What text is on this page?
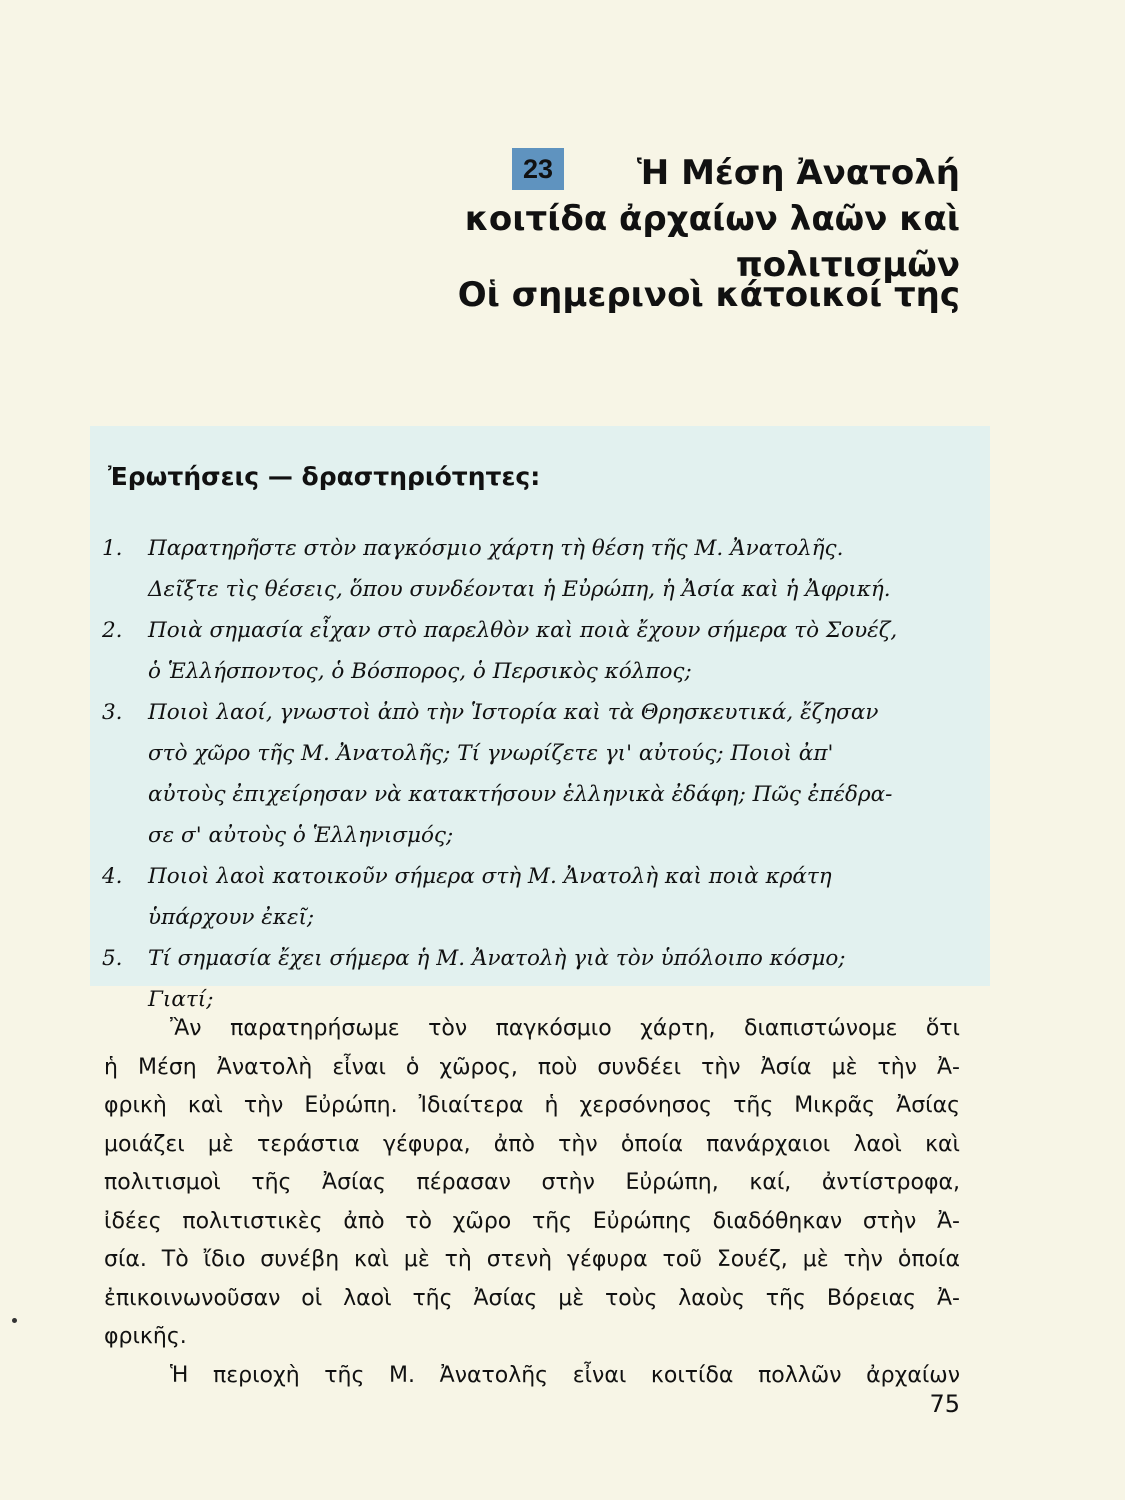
23	Ἡ Μέση Ἀνατολή
κοιτίδα ἀρχαίων λαῶν καὶ πολιτισμῶν
Οἱ σημερινοὶ κάτοικοί της
Ἐρωτήσεις — δραστηριότητες:
1. Παρατηρῆστε στὸν παγκόσμιο χάρτη τὴ θέση τῆς Μ. Ἀνατολῆς.
Δεῖξτε τὶς θέσεις, ὅπου συνδέονται ἡ Εὐρώπη, ἡ Ἀσία καὶ ἡ Ἀφρική.
2. Ποιὰ σημασία εἶχαν στὸ παρελθὸν καὶ ποιὰ ἔχουν σήμερα τὸ Σουέζ,
ὁ Ἑλλήσποντος, ὁ Βόσπορος, ὁ Περσικὸς κόλπος;
3. Ποιοὶ λαοί, γνωστοὶ ἀπὸ τὴν Ἱστορία καὶ τὰ Θρησκευτικά, ἔζησαν
στὸ χῶρο τῆς Μ. Ἀνατολῆς; Τί γνωρίζετε γι' αὐτούς; Ποιοὶ ἀπ'
αὐτοὺς ἐπιχείρησαν νὰ κατακτήσουν ἑλληνικὰ ἐδάφη; Πῶς ἐπέδρα-
σε σ' αὐτοὺς ὁ Ἑλληνισμός;
4. Ποιοὶ λαοὶ κατοικοῦν σήμερα στὴ Μ. Ἀνατολὴ καὶ ποιὰ κράτη
ὑπάρχουν ἐκεῖ;
5. Τί σημασία ἔχει σήμερα ἡ Μ. Ἀνατολὴ γιὰ τὸν ὑπόλοιπο κόσμο;
Γιατί;
Ἂν παρατηρήσωμε τὸν παγκόσμιο χάρτη, διαπιστώνομε ὅτι
ἡ Μέση Ἀνατολὴ εἶναι ὁ χῶρος, ποὺ συνδέει τὴν Ἀσία μὲ τὴν Ἀ-
φρικὴ καὶ τὴν Εὐρώπη. Ἰδιαίτερα ἡ χερσόνησος τῆς Μικρᾶς Ἀσίας
μοιάζει μὲ τεράστια γέφυρα, ἀπὸ τὴν ὁποία πανάρχαιοι λαοὶ καὶ
πολιτισμοὶ τῆς Ἀσίας πέρασαν στὴν Εὐρώπη, καί, ἀντίστροφα,
ἰδέες πολιτιστικὲς ἀπὸ τὸ χῶρο τῆς Εὐρώπης διαδόθηκαν στὴν Ἀ-
σία. Τὸ ἴδιο συνέβη καὶ μὲ τὴ στενὴ γέφυρα τοῦ Σουέζ, μὲ τὴν ὁποία
ἐπικοινωνοῦσαν οἱ λαοὶ τῆς Ἀσίας μὲ τοὺς λαοὺς τῆς Βόρειας Ἀ-
φρικῆς.
Ἡ περιοχὴ τῆς Μ. Ἀνατολῆς εἶναι κοιτίδα πολλῶν ἀρχαίων
75
